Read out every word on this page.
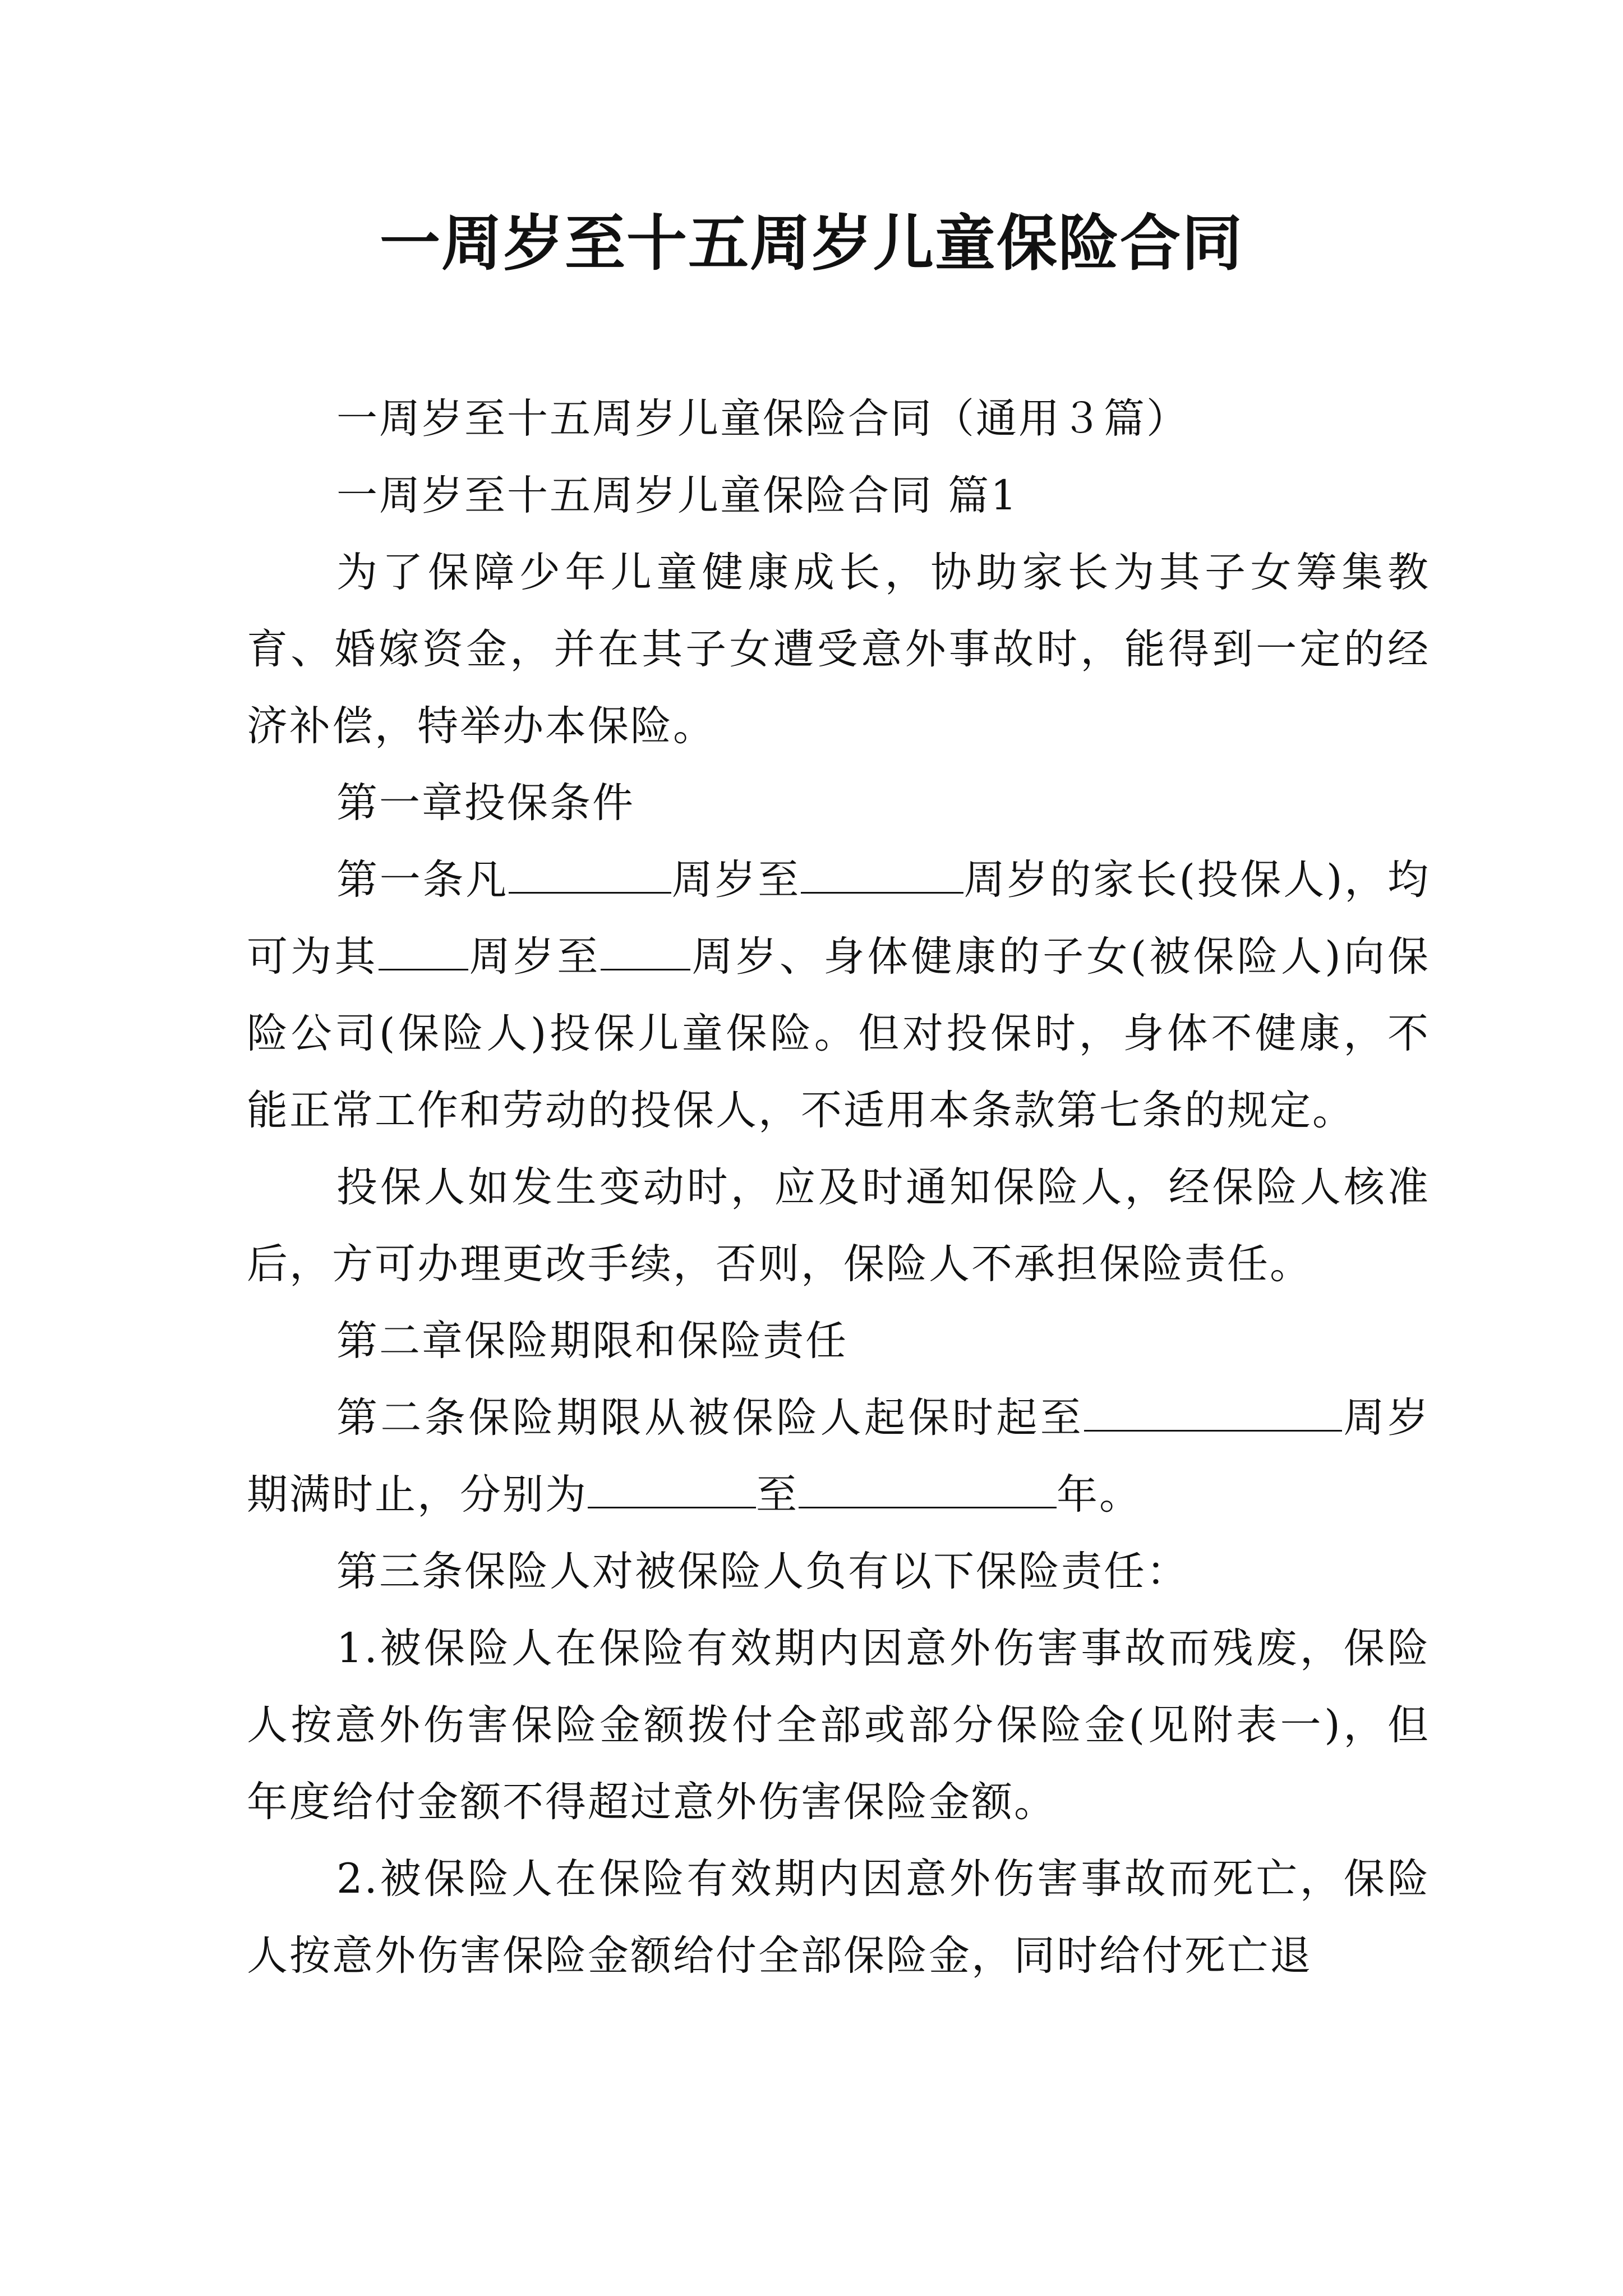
一周岁至十五周岁儿童保险合同

一周岁至十五周岁儿童保险合同（通用３篇）

一周岁至十五周岁儿童保险合同 篇1

为了保障少年儿童健康成长，协助家长为其子女筹集教育、婚嫁资金，并在其子女遭受意外事故时，能得到一定的经济补偿，特举办本保险。

第一章投保条件

第一条凡	周岁至	周岁的家长(投保人)，均可为其 周岁至 周岁、身体健康的子女(被保险人)向保险公司(保险人)投保儿童保险。但对投保时，身体不健康，不能正常工作和劳动的投保人，不适用本条款第七条的规定。

投保人如发生变动时，应及时通知保险人，经保险人核准后，方可办理更改手续，否则，保险人不承担保险责任。

第二章保险期限和保险责任

第二条保险期限从被保险人起保时起至	周岁期满时止，分别为	至	年。

第三条保险人对被保险人负有以下保险责任：

1.被保险人在保险有效期内因意外伤害事故而残废，保险人按意外伤害保险金额拨付全部或部分保险金(见附表一)，但年度给付金额不得超过意外伤害保险金额。

2.被保险人在保险有效期内因意外伤害事故而死亡，保险人按意外伤害保险金额给付全部保险金，同时给付死亡退
